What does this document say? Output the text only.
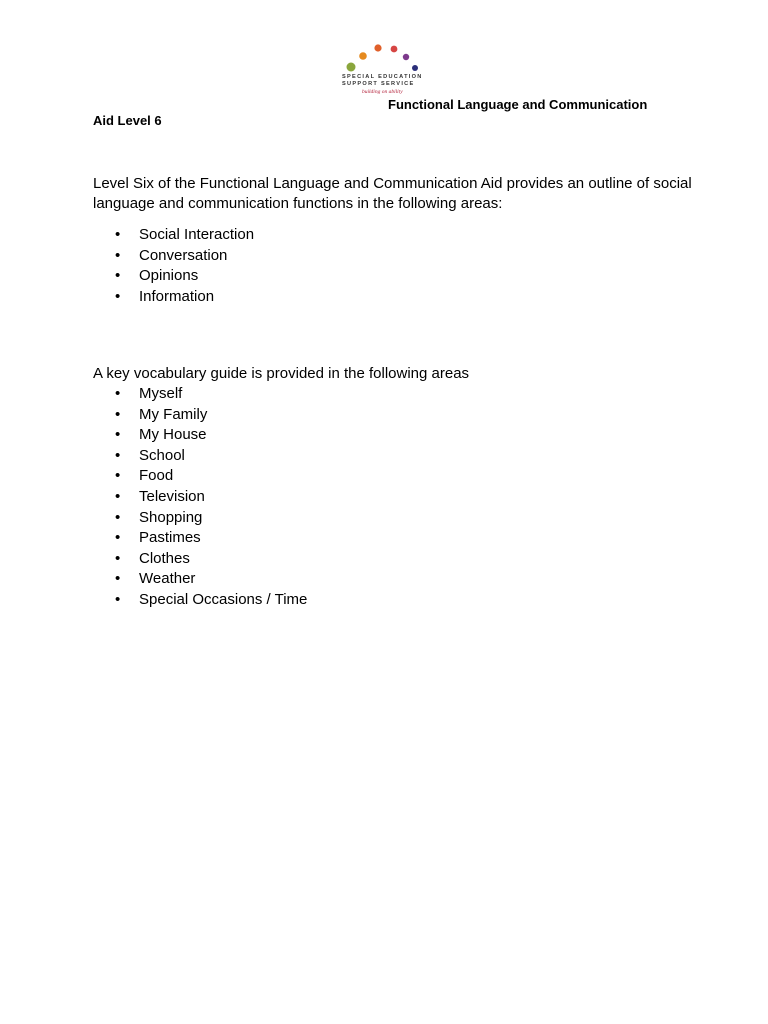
SPECIAL EDUCATION
SUPPORT SERVICE
building on ability
Functional Language and Communication
Aid Level 6

Level Six of the Functional Language and Communication Aid provides an outline of social language and communication functions in the following areas:

• Social Interaction
• Conversation
• Opinions
• Information

A key vocabulary guide is provided in the following areas

• Myself
• My Family
• My House
• School
• Food
• Television
• Shopping
• Pastimes
• Clothes
• Weather
• Special Occasions / Time
